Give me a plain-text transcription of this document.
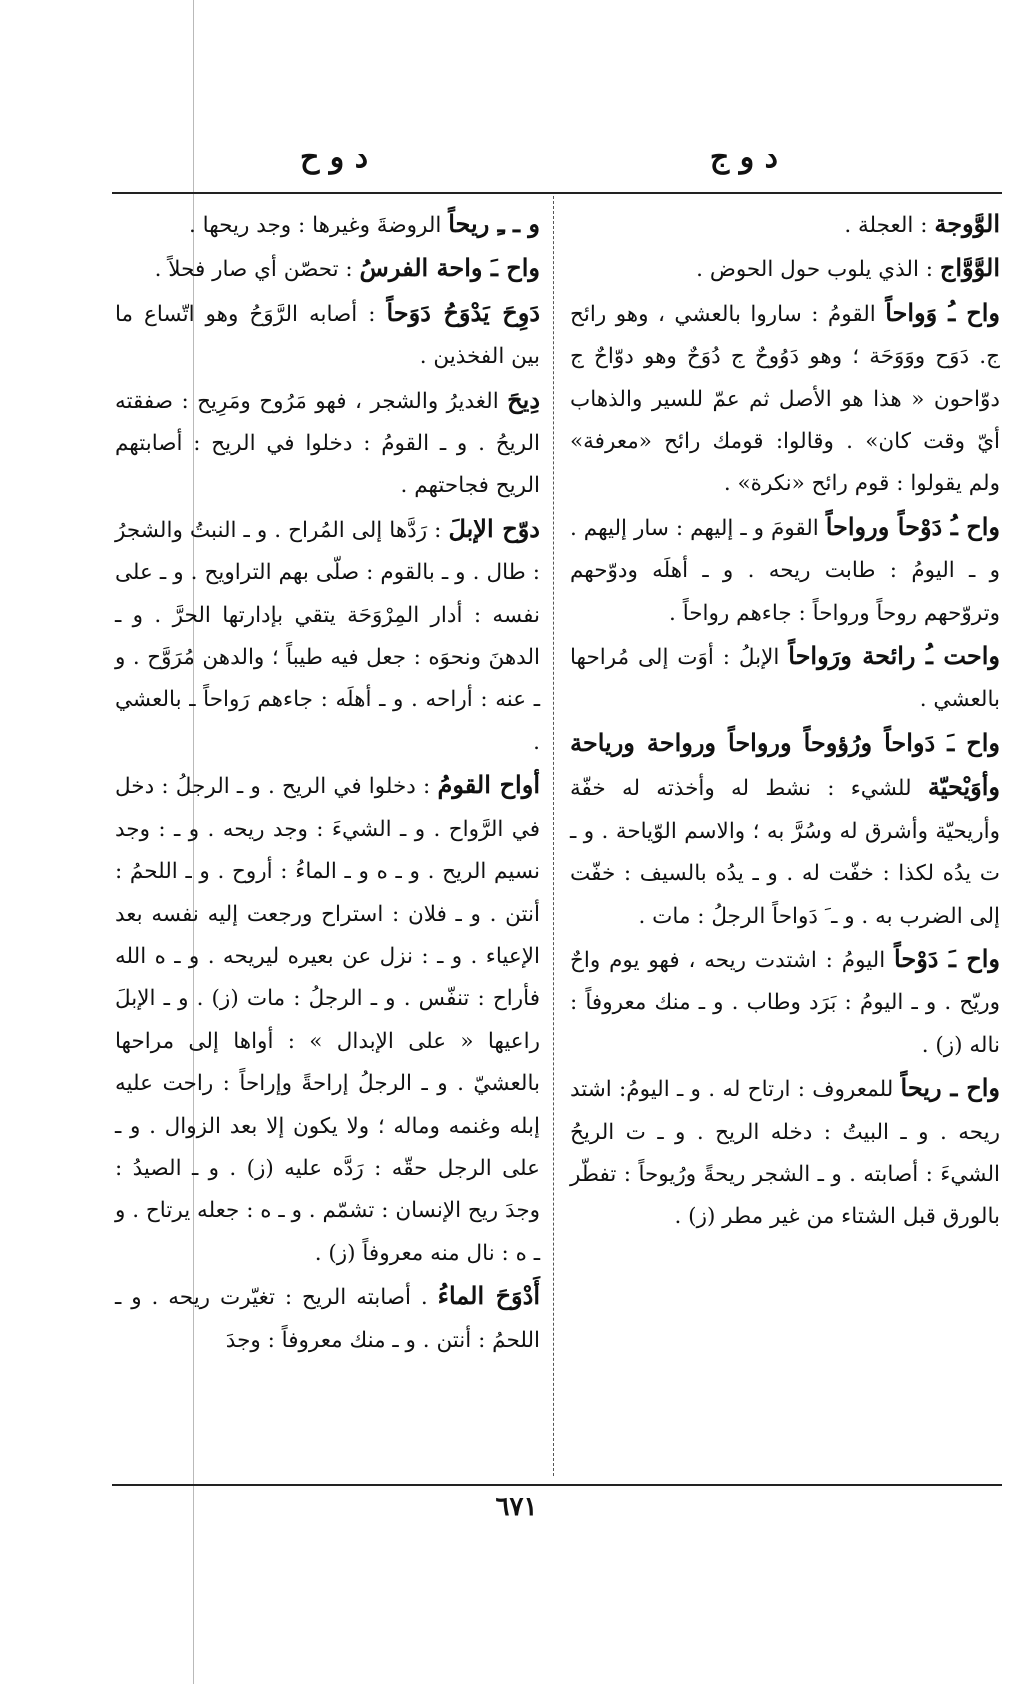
د و ج
د و ح

الوَّوجة : العجلة .

الوَّوَّاج : الذي يلوب حول الحوض .

واح ـُ وَواحاً القومُ : ساروا بالعشي ، وهو رائح ج. دَوَح ووَوَحَة ؛ وهو دَوُوحٌ ج دُوَحٌ وهو دوّاحٌ ج دوّاحون « هذا هو الأصل ثم عمّ للسير والذهاب أيّ وقت كان» . وقالوا: قومك رائح «معرفة» ولم يقولوا : قوم رائح «نكرة» .

واح ـُ دَوْحاً ورواحاً القومَ و ـ إليهم : سار إليهم . و ـ اليومُ : طابت ريحه . و ـ أهلَه ودوّحهم وتروّحهم روحاً ورواحاً : جاءهم رواحاً .

واحت ـُ رائحة ورَواحاً الإبلُ : أوَت إلى مُراحها بالعشي .

واح ـَ دَواحاً ورُؤوحاً ورواحاً ورواحة ورياحة وأوَيْحيّة للشيء : نشط له وأخذته له خفّة وأريحيّة وأشرق له وسُرَّ به ؛ والاسم الوّياحة . و ـ ت يدُه لكذا : خفّت له . و ـ يدُه بالسيف : خفّت إلى الضرب به . و ـ َ دَواحاً الرجلُ : مات .

واح ـَ دَوْحاً اليومُ : اشتدت ريحه ، فهو يوم واحٌ وريّح . و ـ اليومُ : بَرَد وطاب . و ـ منك معروفاً : ناله (ز) .

واح ـ ريحاً للمعروف : ارتاح له . و ـ اليومُ: اشتد ريحه . و ـ البيتُ : دخله الريح . و ـ ت الريحُ الشيءَ : أصابته . و ـ الشجر ريحةً ورُيوحاً : تفطّر بالورق قبل الشتاء من غير مطر (ز) .

و ـ ـِ ريحاً الروضةَ وغيرها : وجد ريحها .

واح ـَ واحة الفرسُ : تحصّن أي صار فحلاً .

دَوِحَ يَدْوَحُ دَوَحاً : أصابه الرَّوَحُ وهو اتّساع ما بين الفخذين .

دِيحَ الغديرُ والشجر ، فهو مَرُوح ومَرِيح : صفقته الريحُ . و ـ القومُ : دخلوا في الريح : أصابتهم الريح فجاحتهم .

دوّح الإبلَ : رَدَّها إلى المُراح . و ـ النبتُ والشجرُ : طال . و ـ بالقوم : صلّى بهم التراويح . و ـ على نفسه : أدار المِرْوَحَة يتقي بإدارتها الحرَّ . و ـ الدهنَ ونحوَه : جعل فيه طيباً ؛ والدهن مُرَوَّح . و ـ عنه : أراحه . و ـ أهلَه : جاءهم رَواحاً ـ بالعشي .

أواح القومُ : دخلوا في الريح . و ـ الرجلُ : دخل في الرَّواح . و ـ الشيءَ : وجد ريحه . و ـ : وجد نسيم الريح . و ـ ه و ـ الماءُ : أروح . و ـ اللحمُ : أنتن . و ـ فلان : استراح ورجعت إليه نفسه بعد الإعياء . و ـ : نزل عن بعيره ليريحه . و ـ ه الله فأراح : تنفّس . و ـ الرجلُ : مات (ز) . و ـ الإبلَ راعيها « على الإبدال » : أواها إلى مراحها بالعشيّ . و ـ الرجلُ إراحةً وإراحاً : راحت عليه إبله وغنمه وماله ؛ ولا يكون إلا بعد الزوال . و ـ على الرجل حقّه : رَدَّه عليه (ز) . و ـ الصيدُ : وجدَ ريح الإنسان : تشمّم . و ـ ه : جعله يرتاح . و ـ ه : نال منه معروفاً (ز) .

أَدْوَحَ الماءُ . أصابته الريح : تغيّرت ريحه . و ـ اللحمُ : أنتن . و ـ منك معروفاً : وجدَ

٦٧١
